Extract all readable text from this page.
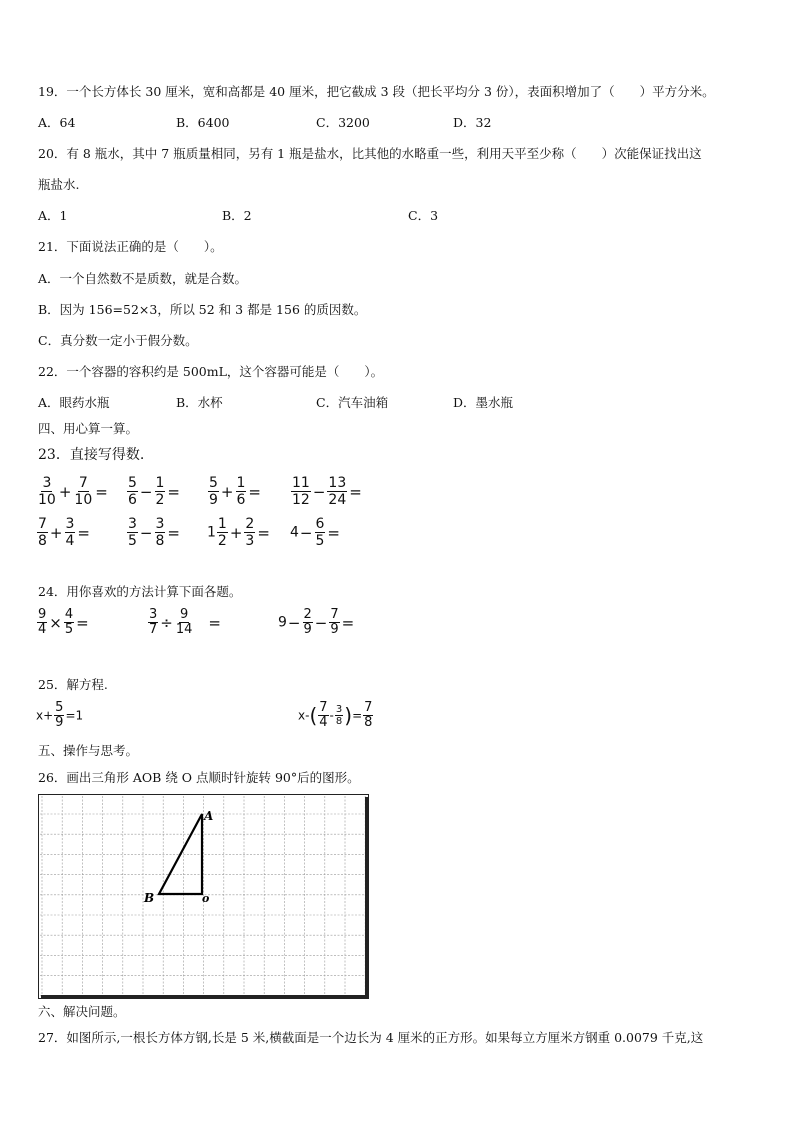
19．一个长方体长 30 厘米，宽和高都是 40 厘米，把它截成 3 段（把长平均分 3 份），表面积增加了（　　）平方分米。
A．64	B．6400	C．3200	D．32
20．有 8 瓶水，其中 7 瓶质量相同，另有 1 瓶是盐水，比其他的水略重一些，利用天平至少称（　　）次能保证找出这
瓶盐水.
A．1	B．2	C．3
21．下面说法正确的是（　　）。
A．一个自然数不是质数，就是合数。
B．因为 156=52×3，所以 52 和 3 都是 156 的质因数。
C．真分数一定小于假分数。
22．一个容器的容积约是 500mL，这个容器可能是（　　）。
A．眼药水瓶	B．水杯	C．汽车油箱	D．墨水瓶
四、用心算一算。
23．直接写得数.
$\frac{3}{10} + \frac{7}{10} = \frac{5}{6} - \frac{1}{2} = \frac{5}{9} + \frac{1}{6} = \frac{11}{12} - \frac{13}{24}$ =
$\frac{7}{8} + \frac{3}{4}$ =	$\frac{3}{5} - \frac{3}{8} = 1 \frac{1}{2} + \frac{2}{3} = 4- \frac{6}{5}$ =
24．用你喜欢的方法计算下面各题。
$\frac{9}{4} \times \frac{4}{5}$ =	$\frac{3}{7} \div \frac{9}{14}$ =	$9- \frac{2}{9} - \frac{7}{9}$ =
25．解方程.
$x+ \frac{5}{9} =1$	$x-( \frac{7}{4} - \frac{3}{8}$ )= $\frac{7}{8}$
五、操作与思考。
26．画出三角形 AOB 绕 O 点顺时针旋转 90°后的图形。
A
B	o
六、解决问题。
27．如图所示,一根长方体方钢,长是 5 米,横截面是一个边长为 4 厘米的正方形。如果每立方厘米方钢重 0.0079 千克,这
